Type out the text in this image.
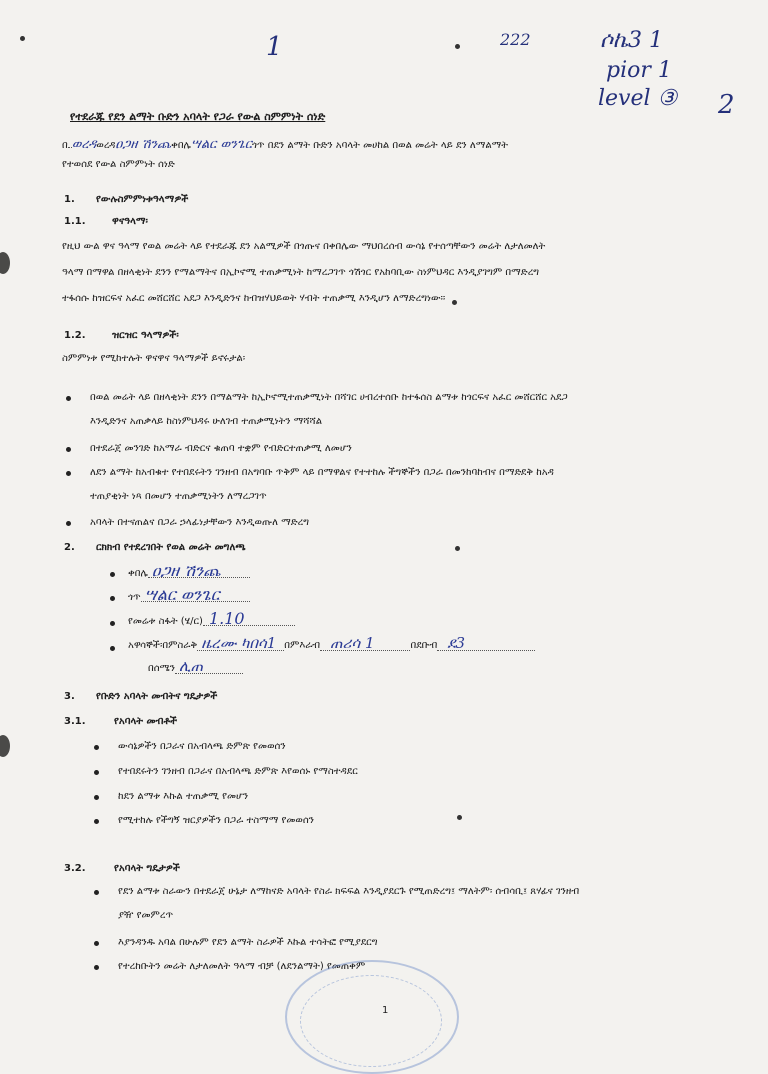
1	222	ሶኬ3 1
pior 1
level ③ 2
የተደራጁ የደን ልማት ቡድን አባላት የጋራ የውል ስምምነት ሰነድ
በ ወረዳወረዳዐጋዘ ሽንጨቀበሌሣልር ወንጌርጎጥ በደን ልማት ቡድን አባላት መሀከል በወል መሬት ላይ ደን ለማልማት
የተወሰደ የውል ስምምነት ሰነድ
1. የውሉስምምነቱዓላማዎች
1.1.	ዋናዓላማ፡
የዚህ ውል ዋና ዓላማ የወል መሬት ላይ የተደራጁ ደን አልሚዎች በጎጡና በቀበሌው ማህበረሰብ ውሳኔ የተሰጣቸውን መሬት ለታለመለት
ዓላማ በማዋል በዘላቂነት ደንን የማልማትና በኢኮኖሚ ተጠቃሚነት ከማረጋገጥ ጎሽጎር የአከባቢው ስነምህዳር እንዲያገግም በማድረግ
ተፋሰሱ ከዝርፍና አፈር መሸርሸር አደጋ እንዲድንና ከብዝሃህይወት ሃብት ተጠቃሚ እንዲሆን ለማድረግነው፡፡
1.2.	ዝርዝር ዓላማዎች፡
ስምምነቱ የሚከተሉት ዋናዋና ዓላማዎች ይኖሩታል፡
በወል መሬት ላይ በዘላቂነት ደንን በማልማት ከኢኮኖሚተጠቃሚነት በሻገር ሀብረተሰቡ ከተፋሰስ ልማቱ ከጎርፍና አፈር መሸርሸር አደጋ
እንዲድንና አጠቃላይ ከስነምህዳሩ ሁለገብ ተጠቃሚነትን ማሻሻል
በተደራጀ መንገድ ከአማራ ብድርና ቁጠባ ተቋም የብድርተጠቃሚ ለመሆን
ለደን ልማት ከአብቁተ የተበደሩትን ገንዘብ በአግባቡ ጥቅም ላይ በማዋልና የተተከሉ ችግኞችን በጋራ በመንከባከብና በማድደቅ ከአዳ
ተጠያቂነት ነጻ በመሆን ተጠቃሚነትን ለማረጋገጥ
አባላት በተናጠልና በጋራ ኃላፊነታቸውን እንዲወጡለ ማድረግ
2. ርክክብ የተደረገበት የወል መሬት መግለጫ
ቀበሌ ዐጋዘ ሽንጨ
ጎጥ ሣልር ወንጌር
የመሬቱ ስፋት (ሄ/ር) 1.10
አዋሳኞች፡በምስራቅ ዜረሙ ካበሳ1 በምእራብ ጠሪሳ 1	በደቡብ ደ3
በሰሜን ሊጠ
3. የቡድን አባላት መብትና ግዴታዎች
3.1.	የአባላት መብቶች
ውሳኔዎችን በጋራና በአብላጫ ድምጽ የመወሰን
የተበደሩትን ገንዘብ በጋራና በአብላጫ ድምጽ እየወሰኑ የማስተዳደር
ከደን ልማቱ እኩል ተጠቃሚ የመሆን
የሚተከሉ የችግኝ ዝርያዎችን በጋራ ተስማማ የመወሰን
3.2.	የአባላት ግዴታዎች
የደን ልማቱ ስራውን በተደራጀ ሁኔታ ለማከናድ አባላት የስራ ክፍፍል እንዲያደርጉ የሚጠድረግ፤ ማለትም፡ ሰብሳቢ፤ ጸሃፊና ገንዘብ
ያዥ የመምረጥ
እያንዳንዱ አባል በሁሉም የደን ልማት ስራዎች እኩል ተሳትፎ የሚያደርግ
የተረከቡትን መሬት ለታለመለት ዓላማ ብቻ (ለደንልማት) የመጠቀም
1
